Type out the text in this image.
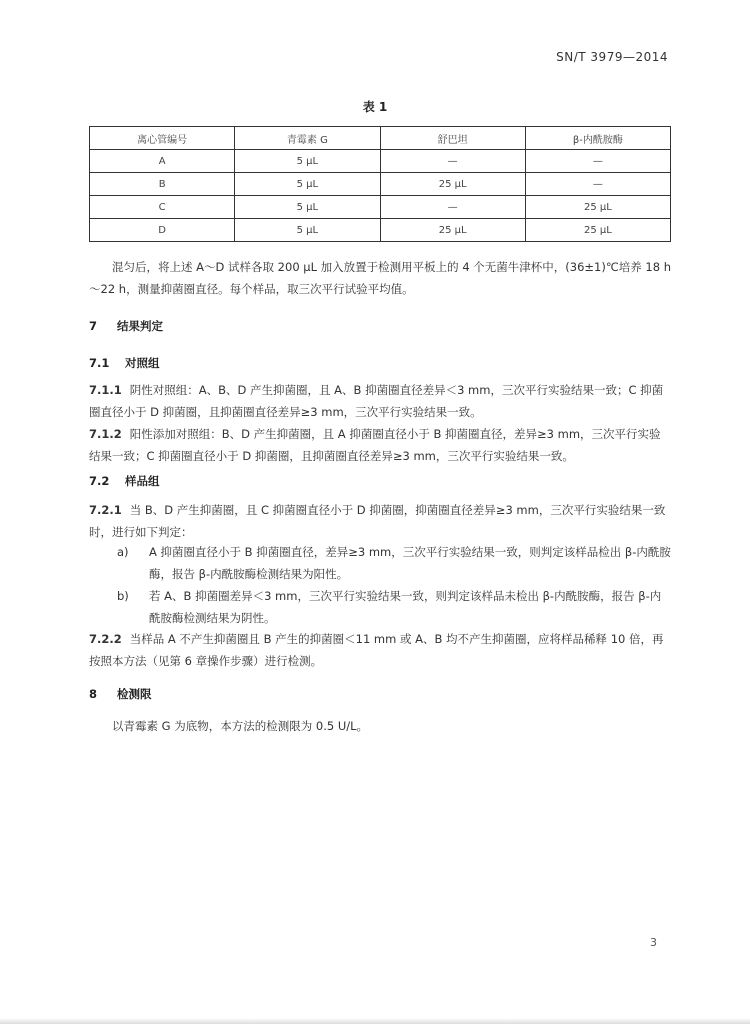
SN/T 3979—2014
表 1
离心管编号	青霉素 G	舒巴坦	β-内酰胺酶
A	5 μL	—	—
B	5 μL	25 μL	—
C	5 μL	—	25 μL
D	5 μL	25 μL	25 μL
混匀后，将上述 A～D 试样各取 200 μL 加入放置于检测用平板上的 4 个无菌牛津杯中，(36±1)℃培养 18 h～22 h，测量抑菌圈直径。每个样品，取三次平行试验平均值。
7 结果判定
7.1 对照组
7.1.1 阴性对照组：A、B、D 产生抑菌圈，且 A、B 抑菌圈直径差异＜3 mm，三次平行实验结果一致；C 抑菌圈直径小于 D 抑菌圈，且抑菌圈直径差异≥3 mm，三次平行实验结果一致。
7.1.2 阳性添加对照组：B、D 产生抑菌圈，且 A 抑菌圈直径小于 B 抑菌圈直径，差异≥3 mm，三次平行实验结果一致；C 抑菌圈直径小于 D 抑菌圈，且抑菌圈直径差异≥3 mm，三次平行实验结果一致。
7.2 样品组
7.2.1 当 B、D 产生抑菌圈，且 C 抑菌圈直径小于 D 抑菌圈，抑菌圈直径差异≥3 mm，三次平行实验结果一致时，进行如下判定：
a)	A 抑菌圈直径小于 B 抑菌圈直径，差异≥3 mm，三次平行实验结果一致，则判定该样品检出 β-内酰胺酶，报告 β-内酰胺酶检测结果为阳性。
b)	若 A、B 抑菌圈差异＜3 mm，三次平行实验结果一致，则判定该样品未检出 β-内酰胺酶，报告 β-内酰胺酶检测结果为阴性。
7.2.2 当样品 A 不产生抑菌圈且 B 产生的抑菌圈＜11 mm 或 A、B 均不产生抑菌圈，应将样品稀释 10 倍，再按照本方法（见第 6 章操作步骤）进行检测。
8 检测限
以青霉素 G 为底物，本方法的检测限为 0.5 U/L。
3
